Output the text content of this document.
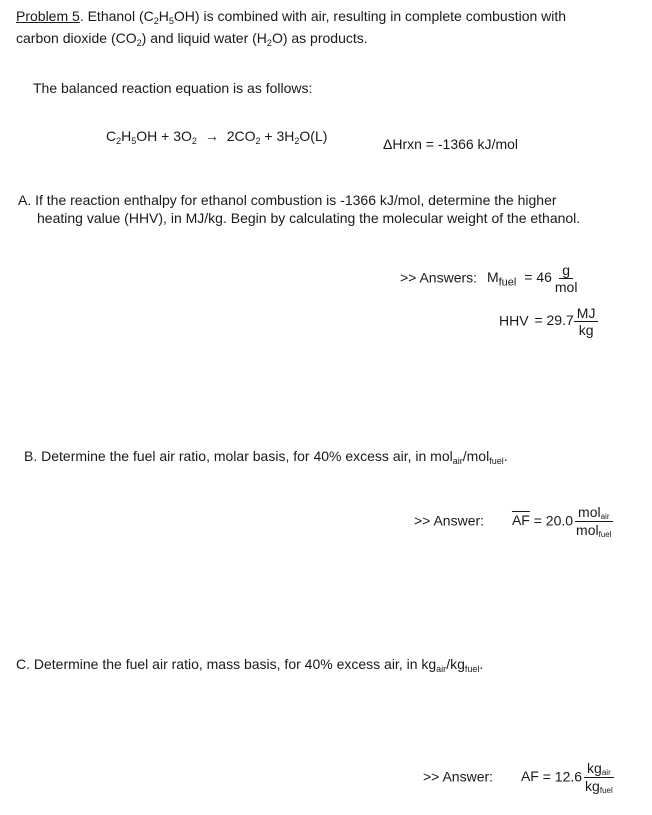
Problem 5. Ethanol $(C_2H_5OH)$ is combined with air, resulting in complete combustion with
carbon dioxide $(CO_2)$ and liquid water $(H_2O)$ as products.
The balanced reaction equation is as follows:
$C_2H_5OH + 3O_2 \to 2CO_2 + 3H_2O(L)$	ΔHrxn = -1366 kJ/mol
A. If the reaction enthalpy for ethanol combustion is -1366 kJ/mol, determine the higher
heating value (HHV), in MJ/kg. Begin by calculating the molecular weight of the ethanol.
>> Answers: $M_{fuel} = 46 \frac{g}{\text{mol}}$
HHV = $29.7 \frac{MJ}{kg}$
B. Determine the fuel air ratio, molar basis, for 40% excess air, in mol$_{air}$/mol$_{fuel}$.
>> Answer: $\overline{AF} = 20.0 \frac{\text{molair}}{\text{molfuel}}$
C. Determine the fuel air ratio, mass basis, for 40% excess air, in $kg_{air}/kg_{fuel}$.
>> Answer: AF = $12.6 \frac{\text{kgair}}{\text{kgfuel}}$
